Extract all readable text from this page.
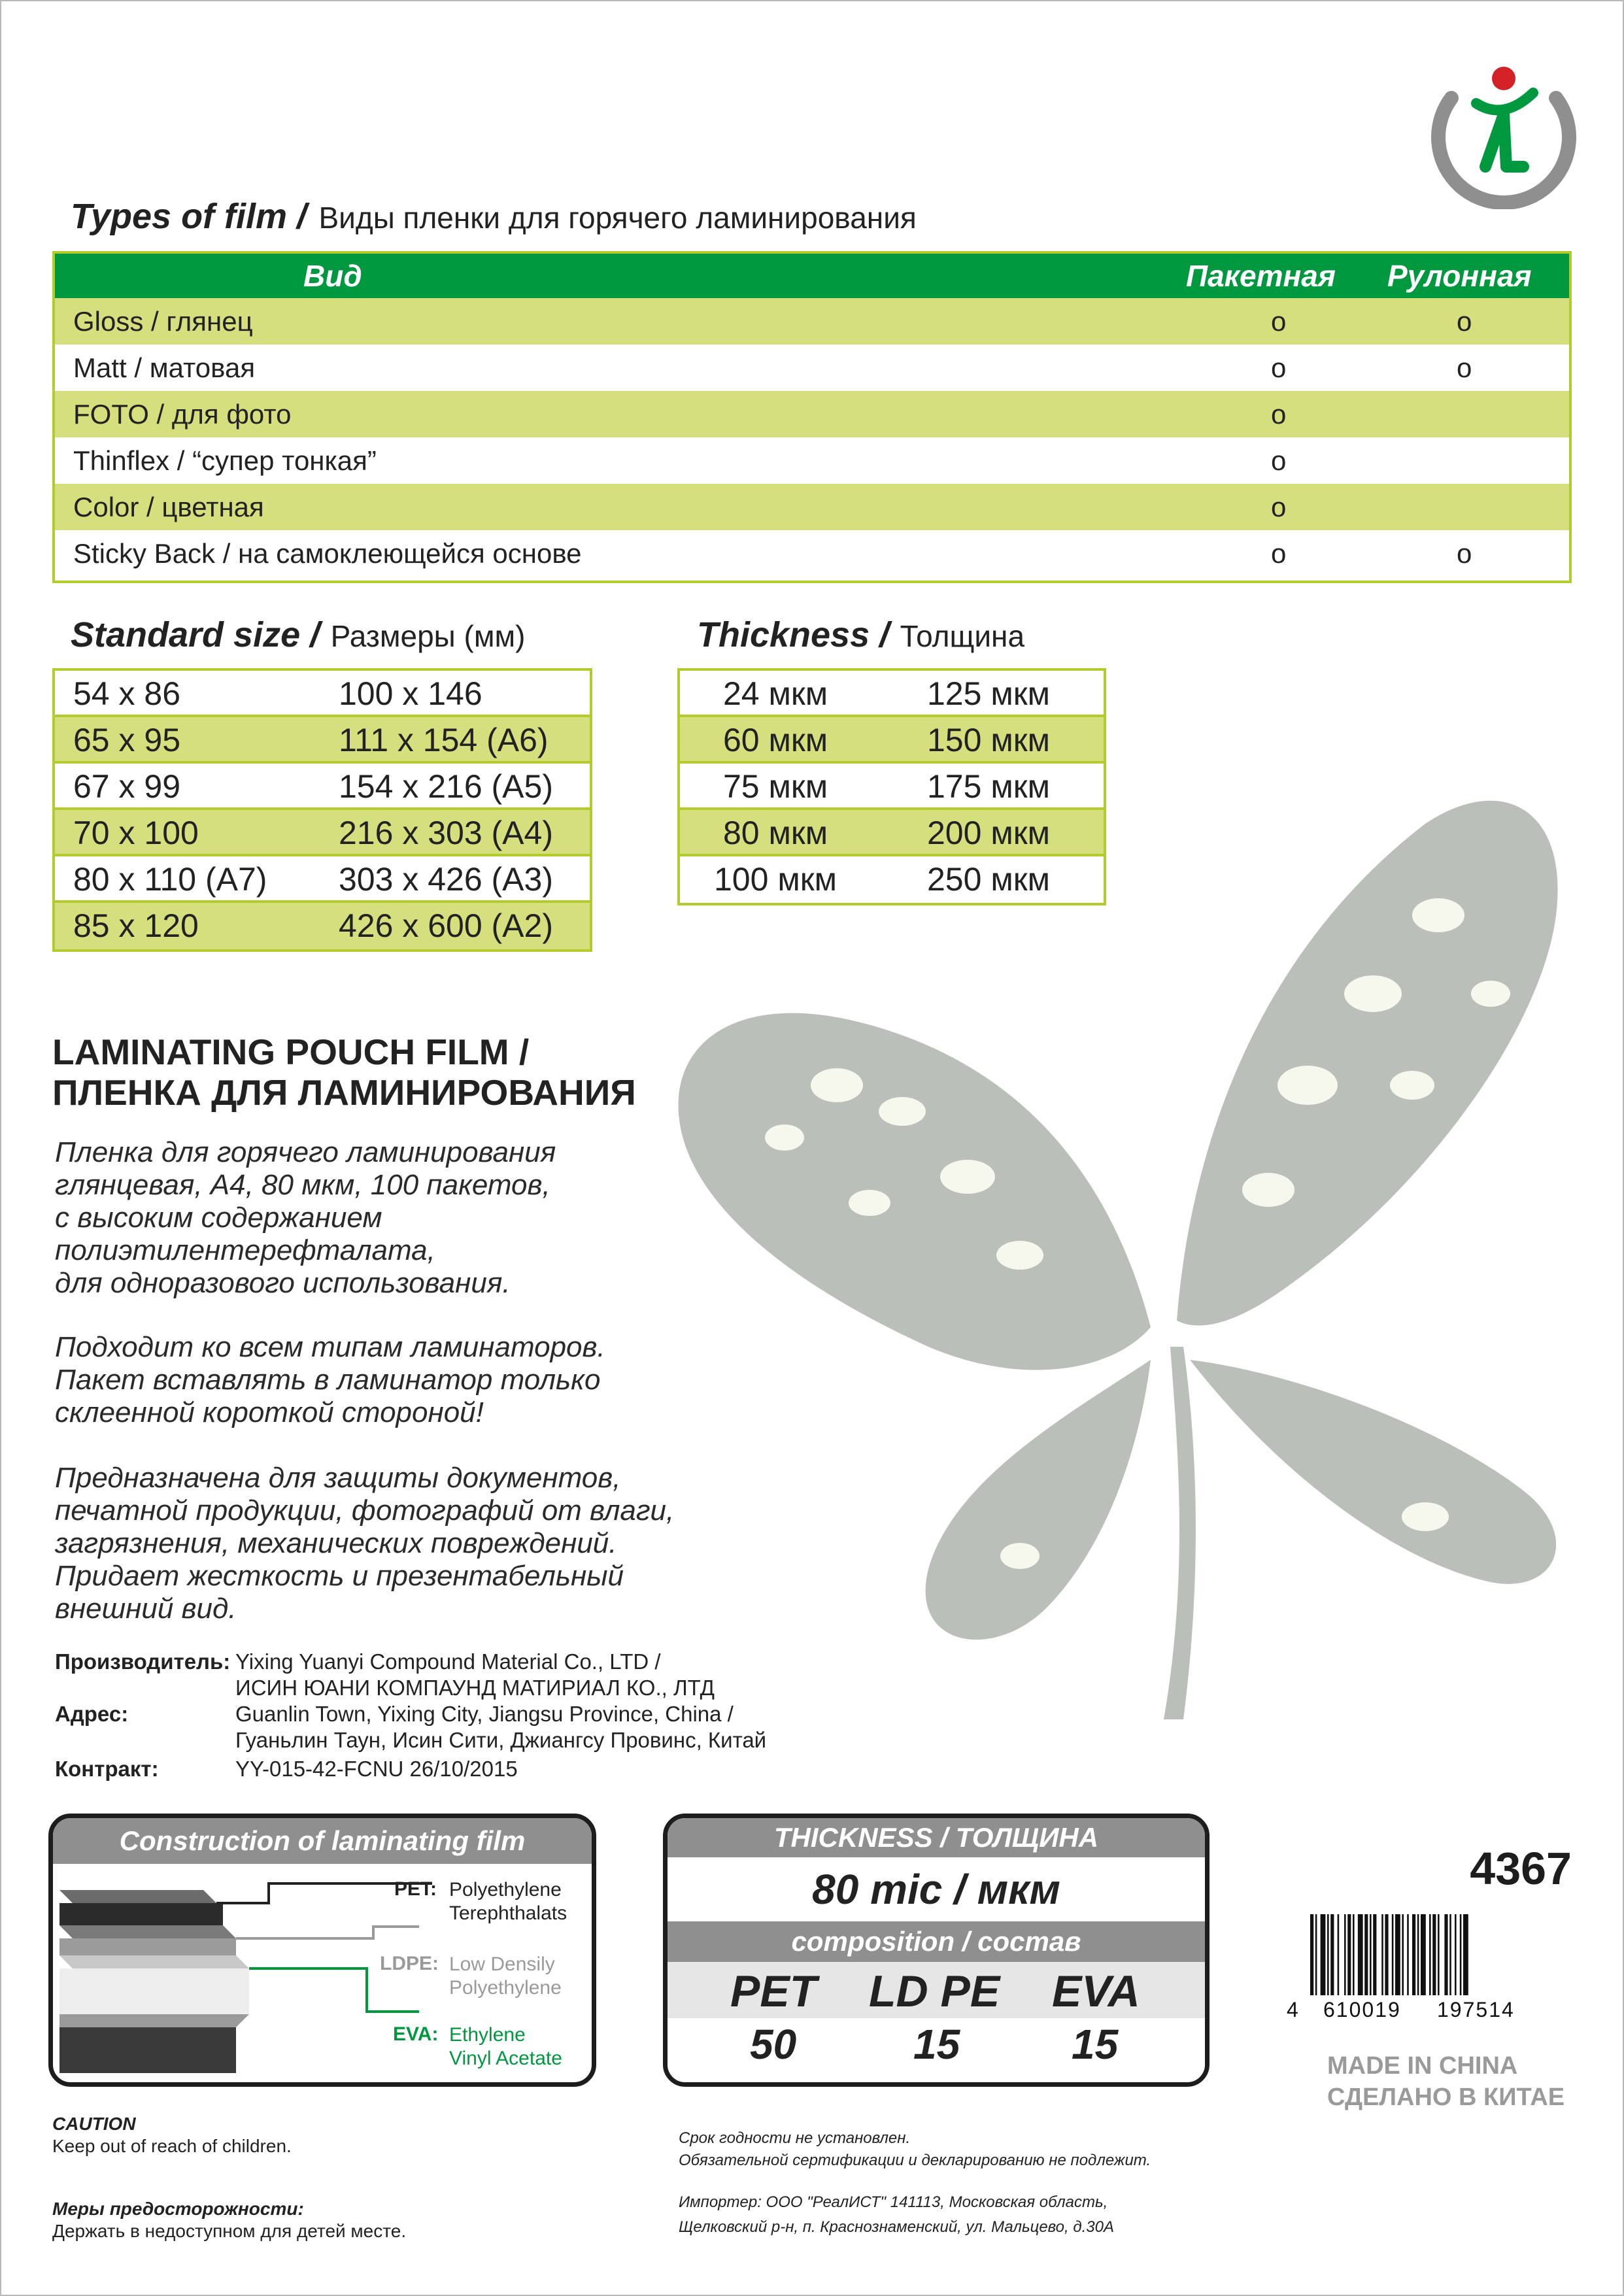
Types of film / Виды пленки для горячего ламинирования
Вид	Пакетная Рулонная
Gloss / глянец	o	o
Matt / матовая	o	o
FOTO / для фото	o
Thinflex / “супер тонкая”	o
Color / цветная	o
Sticky Back / на самоклеющейся основе	o	o
Standard size / Размеры (мм)
54 x 86	100 x 146
65 x 95	111 x 154 (A6)
67 x 99	154 x 216 (A5)
70 x 100	216 x 303 (A4)
80 x 110 (A7) 303 x 426 (A3)
85 x 120	426 x 600 (A2)
Thickness / Толщина
24 мкм	125 мкм
60 мкм	150 мкм
75 мкм	175 мкм
80 мкм	200 мкм
100 мкм	250 мкм
LAMINATING POUCH FILM /
ПЛЕНКА ДЛЯ ЛАМИНИРОВАНИЯ
Пленка для горячего ламинирования
глянцевая, А4, 80 мкм, 100 пакетов,
с высоким содержанием
полиэтилентерефталата,
для одноразового использования.
Подходит ко всем типам ламинаторов.
Пакет вставлять в ламинатор только
склеенной короткой стороной!
Предназначена для защиты документов,
печатной продукции, фотографий от влаги,
загрязнения, механических повреждений.
Придает жесткость и презентабельный
внешний вид.
Производитель: Yixing Yuanyi Compound Material Co., LTD /
ИСИН ЮАНИ КОМПАУНД МАТИРИАЛ КО., ЛТД
Адрес:	Guanlin Town, Yixing City, Jiangsu Province, China /
Гуаньлин Таун, Исин Сити, Джиангсу Провинс, Китай
Контракт:	YY-015-42-FCNU 26/10/2015
Construction of laminating film
PET: Polyethylene
Terephthalats
LDPE: Low Densily
Polyethylene
EVA: Ethylene
Vinyl Acetate
THICKNESS / ТОЛЩИНА
80 mic / мкм
composition / состав
PET LD PE EVA
50	15	15
4367
4 610019 197514
MADE IN CHINA
СДЕЛАНО В КИТАЕ
CAUTION
Keep out of reach of children.
Меры предосторожности:
Держать в недоступном для детей месте.
Срок годности не установлен.
Обязательной сертификации и декларированию не подлежит.
Импортер: ООО "РеалИСТ" 141113, Московская область,
Щелковский р-н, п. Краснознаменский, ул. Мальцево, д.30А
